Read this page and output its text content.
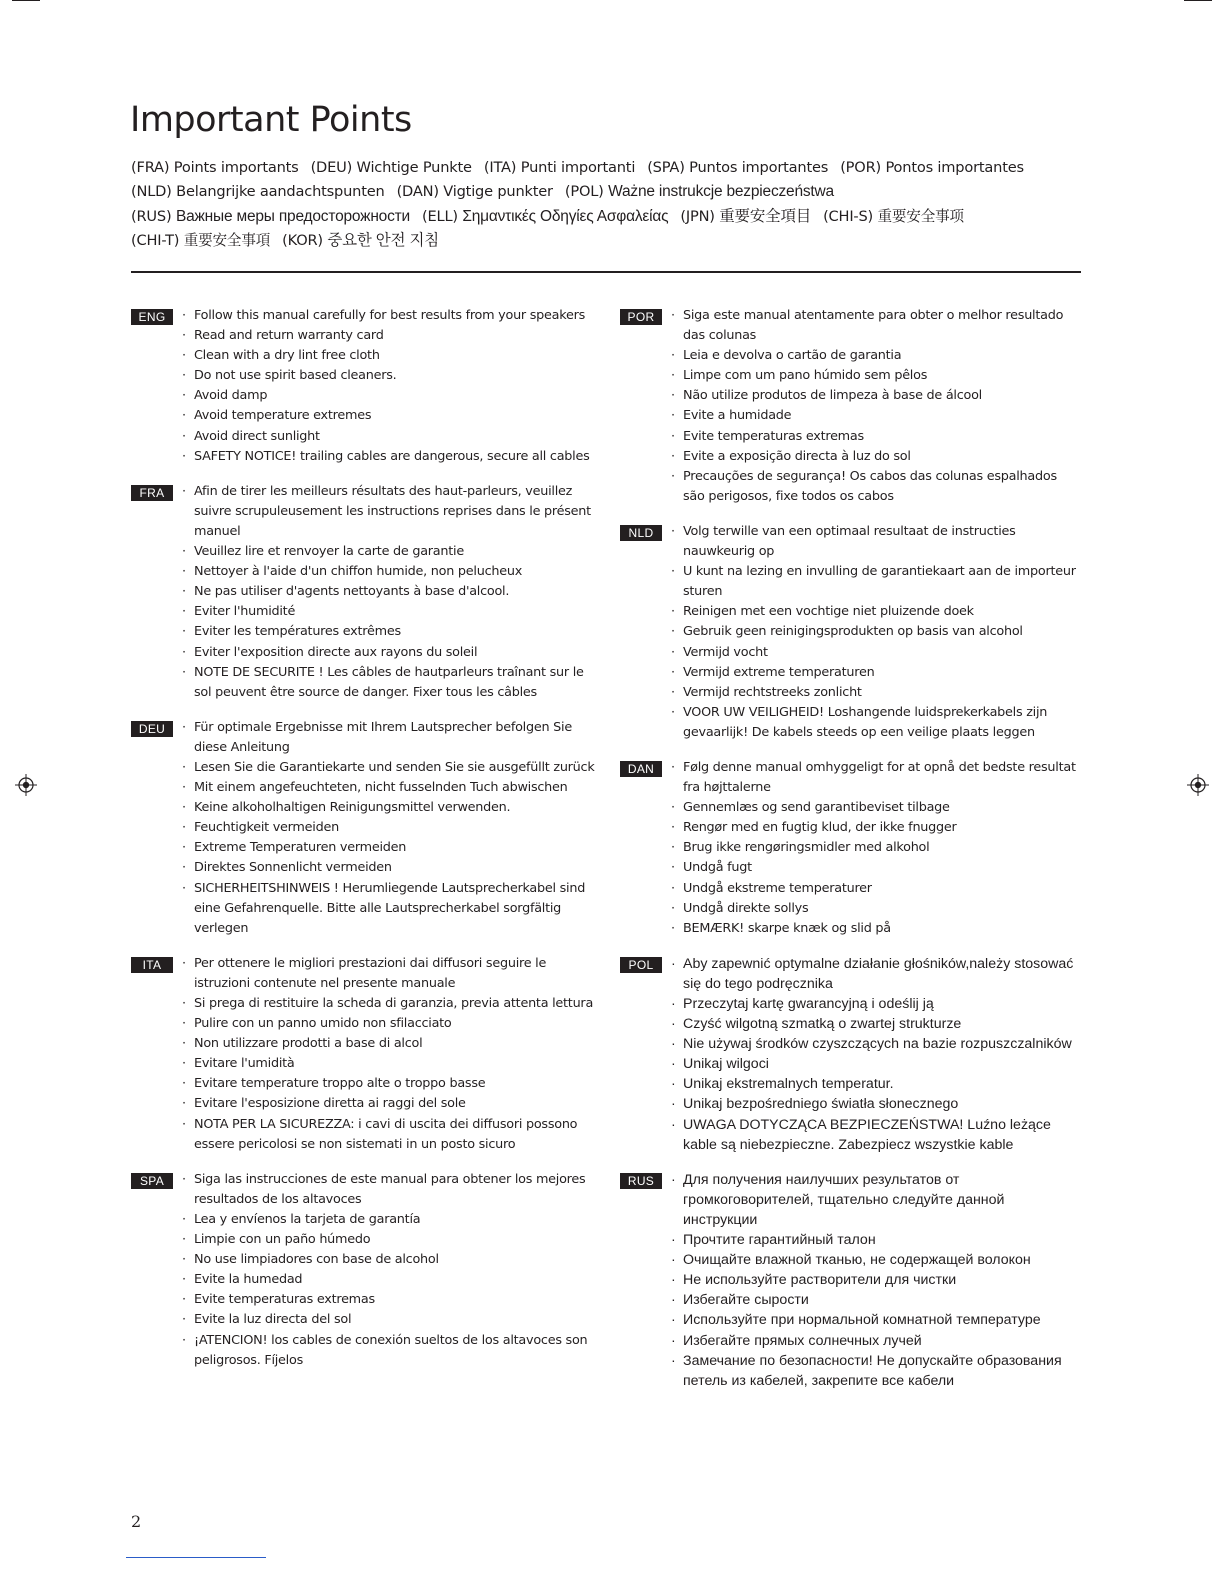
Important Points
(FRA) Points importants (DEU) Wichtige Punkte (ITA) Punti importanti (SPA) Puntos importantes (POR) Pontos importantes
(NLD) Belangrijke aandachtspunten (DAN) Vigtige punkter (POL) Ważne instrukcje bezpieczeństwa
(RUS) Важные меры предосторожности (ELL) Σημαντικές Οδηγίες Ασφαλείας (JPN) 重要安全項目 (CHI-S) 重要安全事项
(CHI-T) 重要安全事項 (KOR) 중요한 안전 지침
ENG	· Follow this manual carefully for best results from your speakers
· Read and return warranty card
· Clean with a dry lint free cloth
· Do not use spirit based cleaners.
· Avoid damp
· Avoid temperature extremes
· Avoid direct sunlight
· SAFETY NOTICE! trailing cables are dangerous, secure all cables
FRA	· Afin de tirer les meilleurs résultats des haut-parleurs, veuillez suivre scrupuleusement les instructions reprises dans le présent manuel
· Veuillez lire et renvoyer la carte de garantie
· Nettoyer à l'aide d'un chiffon humide, non pelucheux
· Ne pas utiliser d'agents nettoyants à base d'alcool.
· Eviter l'humidité
· Eviter les températures extrêmes
· Eviter l'exposition directe aux rayons du soleil
· NOTE DE SECURITE ! Les câbles de hautparleurs traînant sur le sol peuvent être source de danger. Fixer tous les câbles
DEU	· Für optimale Ergebnisse mit Ihrem Lautsprecher befolgen Sie diese Anleitung
· Lesen Sie die Garantiekarte und senden Sie sie ausgefüllt zurück
· Mit einem angefeuchteten, nicht fusselnden Tuch abwischen
· Keine alkoholhaltigen Reinigungsmittel verwenden.
· Feuchtigkeit vermeiden
· Extreme Temperaturen vermeiden
· Direktes Sonnenlicht vermeiden
· SICHERHEITSHINWEIS ! Herumliegende Lautsprecherkabel sind eine Gefahrenquelle. Bitte alle Lautsprecherkabel sorgfältig verlegen
ITA	· Per ottenere le migliori prestazioni dai diffusori seguire le istruzioni contenute nel presente manuale
· Si prega di restituire la scheda di garanzia, previa attenta lettura
· Pulire con un panno umido non sfilacciato
· Non utilizzare prodotti a base di alcol
· Evitare l'umidità
· Evitare temperature troppo alte o troppo basse
· Evitare l'esposizione diretta ai raggi del sole
· NOTA PER LA SICUREZZA: i cavi di uscita dei diffusori possono essere pericolosi se non sistemati in un posto sicuro
SPA	· Siga las instrucciones de este manual para obtener los mejores resultados de los altavoces
· Lea y envíenos la tarjeta de garantía
· Limpie con un paño húmedo
· No use limpiadores con base de alcohol
· Evite la humedad
· Evite temperaturas extremas
· Evite la luz directa del sol
· ¡ATENCION! los cables de conexión sueltos de los altavoces son peligrosos. Fíjelos
POR	· Siga este manual atentamente para obter o melhor resultado das colunas
· Leia e devolva o cartão de garantia
· Limpe com um pano húmido sem pêlos
· Não utilize produtos de limpeza à base de álcool
· Evite a humidade
· Evite temperaturas extremas
· Evite a exposição directa à luz do sol
· Precauções de segurança! Os cabos das colunas espalhados são perigosos, fixe todos os cabos
NLD	· Volg terwille van een optimaal resultaat de instructies nauwkeurig op
· U kunt na lezing en invulling de garantiekaart aan de importeur sturen
· Reinigen met een vochtige niet pluizende doek
· Gebruik geen reinigingsprodukten op basis van alcohol
· Vermijd vocht
· Vermijd extreme temperaturen
· Vermijd rechtstreeks zonlicht
· VOOR UW VEILIGHEID! Loshangende luidsprekerkabels zijn gevaarlijk! De kabels steeds op een veilige plaats leggen
DAN	· Følg denne manual omhyggeligt for at opnå det bedste resultat fra højttalerne
· Gennemlæs og send garantibeviset tilbage
· Rengør med en fugtig klud, der ikke fnugger
· Brug ikke rengøringsmidler med alkohol
· Undgå fugt
· Undgå ekstreme temperaturer
· Undgå direkte sollys
· BEMÆRK! skarpe knæk og slid på
POL	· Aby zapewnić optymalne działanie głośników,należy stosować się do tego podręcznika
· Przeczytaj kartę gwarancyjną i odeślij ją
· Czyść wilgotną szmatką o zwartej strukturze
· Nie używaj środków czyszczących na bazie rozpuszczalników
· Unikaj wilgoci
· Unikaj ekstremalnych temperatur.
· Unikaj bezpośredniego światła słonecznego
· UWAGA DOTYCZĄCA BEZPIECZEŃSTWA! Luźno leżące kable są niebezpieczne. Zabezpiecz wszystkie kable
RUS	· Для получения наилучших результатов от громкоговорителей, тщательно следуйте данной инструкции
· Прочтите гарантийный талон
· Очищайте влажной тканью, не содержащей волокон
· Не используйте растворители для чистки
· Избегайте сырости
· Используйте при нормальной комнатной температуре
· Избегайте прямых солнечных лучей
· Замечание по безопасности! Не допускайте образования петель из кабелей, закрепите все кабели
2
